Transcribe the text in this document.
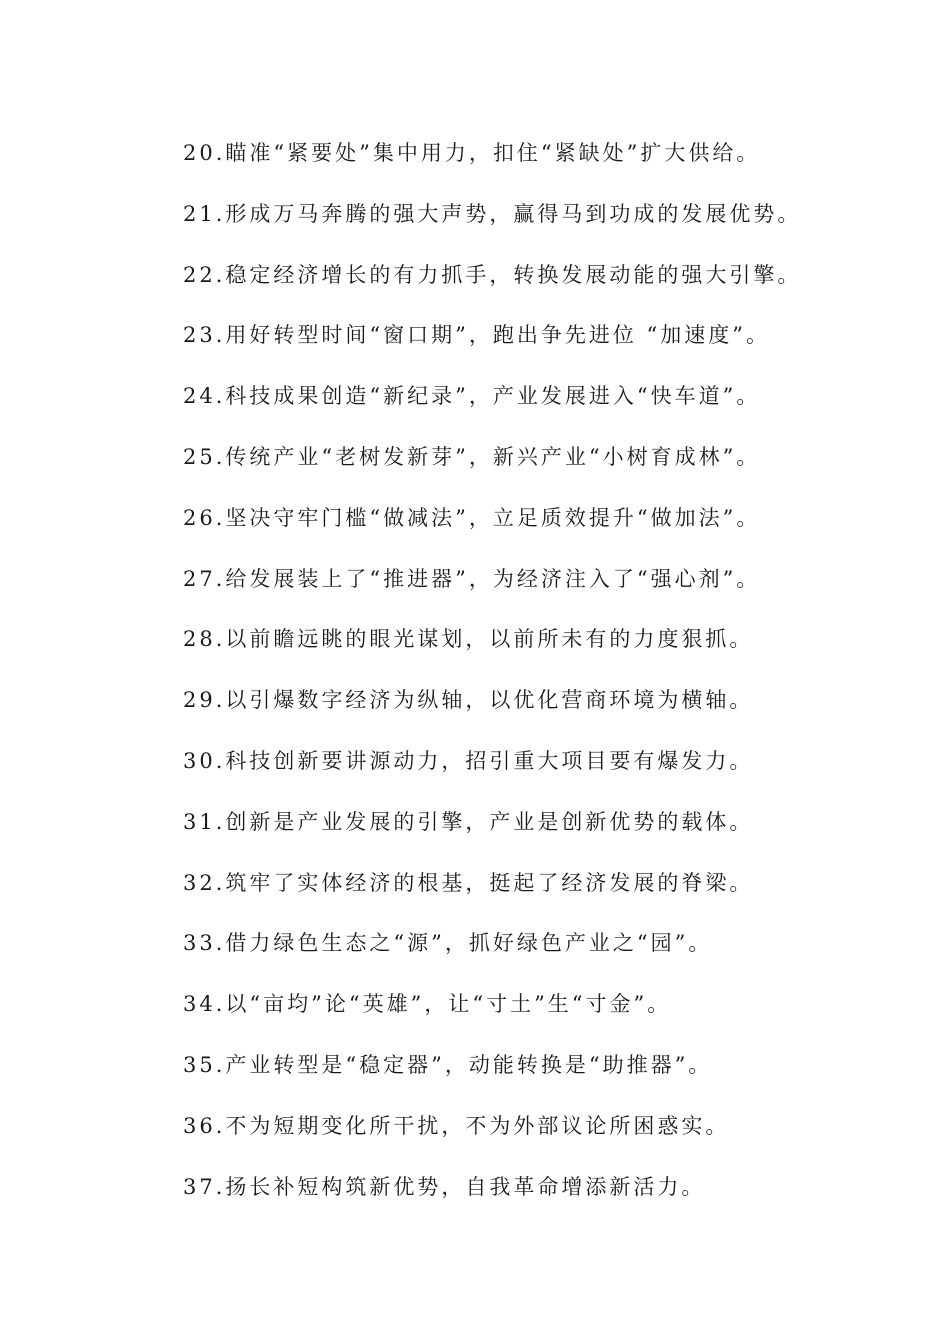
20.瞄准“紧要处”集中用力，扣住“紧缺处”扩大供给。
21.形成万马奔腾的强大声势，赢得马到功成的发展优势。
22.稳定经济增长的有力抓手，转换发展动能的强大引擎。
23.用好转型时间“窗口期”，跑出争先进位 “加速度”。
24.科技成果创造“新纪录”，产业发展进入“快车道”。
25.传统产业“老树发新芽”，新兴产业“小树育成林”。
26.坚决守牢门槛“做减法”，立足质效提升“做加法”。
27.给发展装上了“推进器”，为经济注入了“强心剂”。
28.以前瞻远眺的眼光谋划，以前所未有的力度狠抓。
29.以引爆数字经济为纵轴，以优化营商环境为横轴。
30.科技创新要讲源动力，招引重大项目要有爆发力。
31.创新是产业发展的引擎，产业是创新优势的载体。
32.筑牢了实体经济的根基，挺起了经济发展的脊梁。
33.借力绿色生态之“源”，抓好绿色产业之“园”。
34.以“亩均”论“英雄”，让“寸土”生“寸金”。
35.产业转型是“稳定器”，动能转换是“助推器”。
36.不为短期变化所干扰，不为外部议论所困惑实。
37.扬长补短构筑新优势，自我革命增添新活力。
